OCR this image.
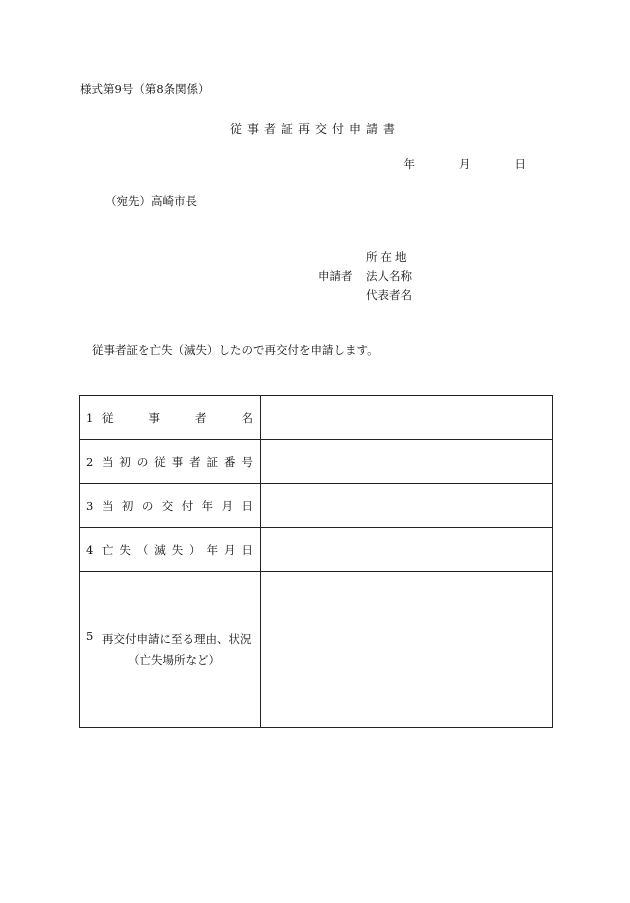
様式第9号（第8条関係）
従事者証再交付申請書
年	月	日
（宛先）高崎市長
申請者
所在地
法人名称
代表者名
従事者証を亡失（滅失）したので再交付を申請します。
1 従事者名	

2 当初の従事者証番号	

3 当初の交付年月日	

4 亡失（滅失）年月日	

5 再交付申請に至る理由、状況
（亡失場所など）	
